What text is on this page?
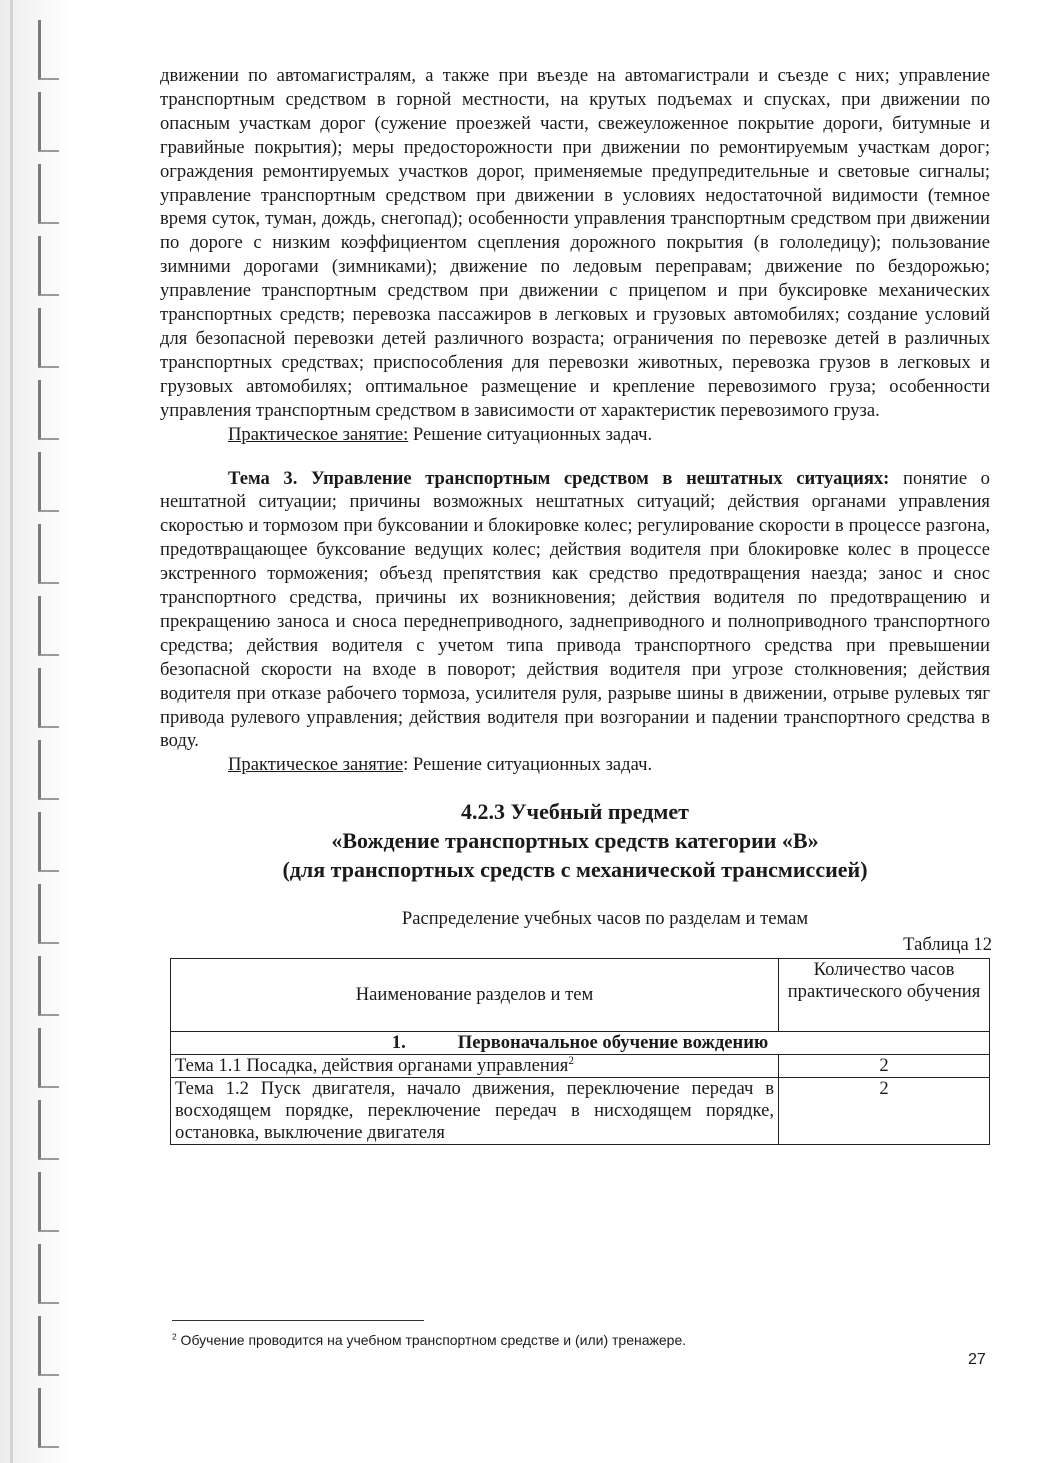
движении по автомагистралям, а также при въезде на автомагистрали и съезде с них; управление транспортным средством в горной местности, на крутых подъемах и спусках, при движении по опасным участкам дорог (сужение проезжей части, свежеуложенное покрытие дороги, битумные и гравийные покрытия); меры предосторожности при движении по ремонтируемым участкам дорог; ограждения ремонтируемых участков дорог, применяемые предупредительные и световые сигналы; управление транспортным средством при движении в условиях недостаточной видимости (темное время суток, туман, дождь, снегопад); особенности управления транспортным средством при движении по дороге с низким коэффициентом сцепления дорожного покрытия (в гололедицу); пользование зимними дорогами (зимниками); движение по ледовым переправам; движение по бездорожью; управление транспортным средством при движении с прицепом и при буксировке механических транспортных средств; перевозка пассажиров в легковых и грузовых автомобилях; создание условий для безопасной перевозки детей различного возраста; ограничения по перевозке детей в различных транспортных средствах; приспособления для перевозки животных, перевозка грузов в легковых и грузовых автомобилях; оптимальное размещение и крепление перевозимого груза; особенности управления транспортным средством в зависимости от характеристик перевозимого груза.

Практическое занятие: Решение ситуационных задач.

Тема 3. Управление транспортным средством в нештатных ситуациях: понятие о нештатной ситуации; причины возможных нештатных ситуаций; действия органами управления скоростью и тормозом при буксовании и блокировке колес; регулирование скорости в процессе разгона, предотвращающее буксование ведущих колес; действия водителя при блокировке колес в процессе экстренного торможения; объезд препятствия как средство предотвращения наезда; занос и снос транспортного средства, причины их возникновения; действия водителя по предотвращению и прекращению заноса и сноса переднеприводного, заднеприводного и полноприводного транспортного средства; действия водителя с учетом типа привода транспортного средства при превышении безопасной скорости на входе в поворот; действия водителя при угрозе столкновения; действия водителя при отказе рабочего тормоза, усилителя руля, разрыве шины в движении, отрыве рулевых тяг привода рулевого управления; действия водителя при возгорании и падении транспортного средства в воду.

Практическое занятие: Решение ситуационных задач.

4.2.3 Учебный предмет
«Вождение транспортных средств категории «В»
(для транспортных средств с механической трансмиссией)
Распределение учебных часов по разделам и темам
Таблица 12
Наименование разделов и тем	Количество часов практического обучения
1. Первоначальное обучение вождению	
Тема 1.1 Посадка, действия органами управления$^2$	2
Тема 1.2 Пуск двигателя, начало движения, переключение передач в восходящем порядке, переключение передач в нисходящем порядке, остановка, выключение двигателя	2
$^2$ Обучение проводится на учебном транспортном средстве и (или) тренажере.
27
